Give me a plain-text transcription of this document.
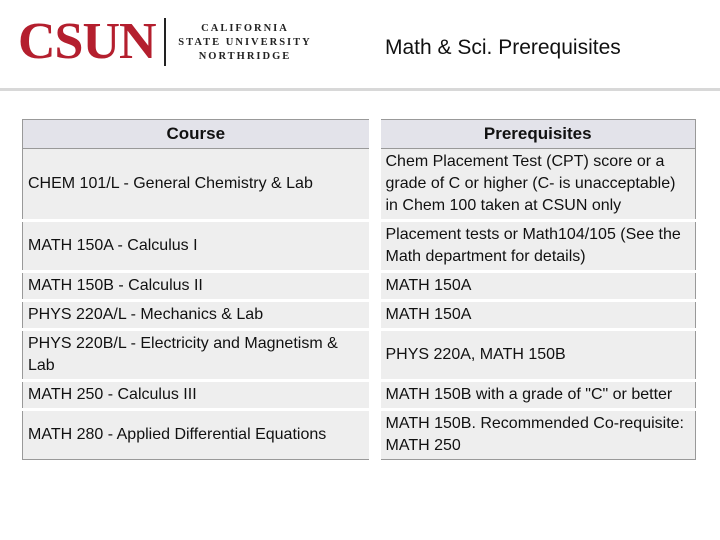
CSUN	CALIFORNIA
STATE UNIVERSITY
NORTHRIDGE	Math & Sci. Prerequisites
Course	Prerequisites
CHEM 101/L - General Chemistry & Lab	Chem Placement Test (CPT) score or a grade of C or higher (C- is unacceptable) in Chem 100 taken at CSUN only
MATH 150A - Calculus I	Placement tests or Math104/105 (See the Math department for details)
MATH 150B - Calculus II	MATH 150A
PHYS 220A/L - Mechanics & Lab	MATH 150A
PHYS 220B/L - Electricity and Magnetism & Lab	PHYS 220A, MATH 150B
MATH 250 - Calculus III	MATH 150B with a grade of "C" or better
MATH 280 - Applied Differential Equations	MATH 150B. Recommended Co-requisite: MATH 250
